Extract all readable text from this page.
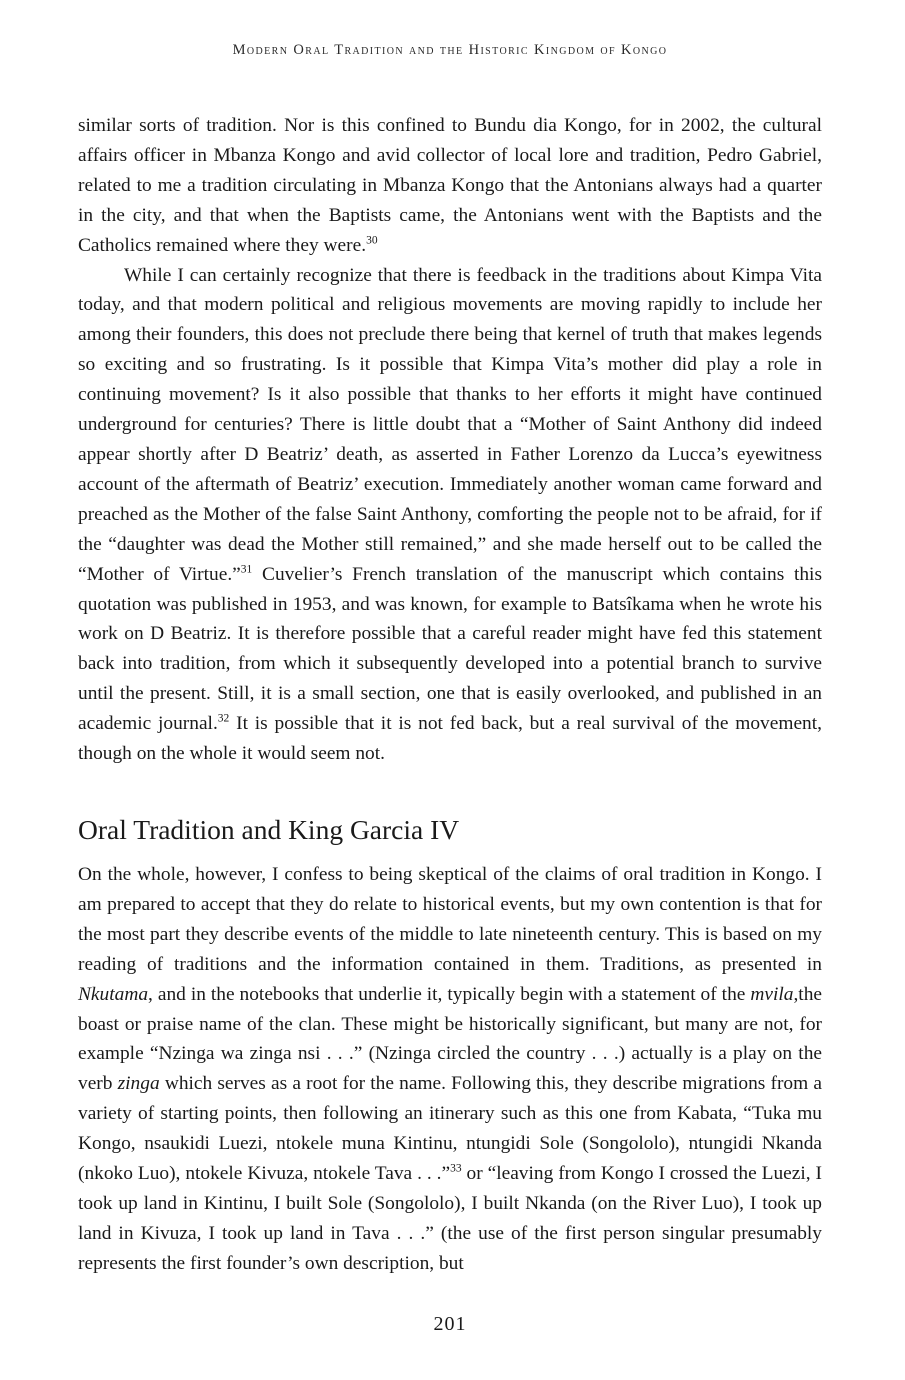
Modern Oral Tradition and the Historic Kingdom of Kongo

similar sorts of tradition. Nor is this confined to Bundu dia Kongo, for in 2002, the cultural affairs officer in Mbanza Kongo and avid collector of local lore and tradition, Pedro Gabriel, related to me a tradition circulating in Mbanza Kongo that the Antonians always had a quarter in the city, and that when the Baptists came, the Antonians went with the Baptists and the Catholics remained where they were.$^{30}$

While I can certainly recognize that there is feedback in the traditions about Kimpa Vita today, and that modern political and religious movements are moving rapidly to include her among their founders, this does not preclude there being that kernel of truth that makes legends so exciting and so frustrating. Is it possible that Kimpa Vita’s mother did play a role in continuing movement? Is it also possible that thanks to her efforts it might have continued underground for centuries? There is little doubt that a “Mother of Saint Anthony did indeed appear shortly after D Beatriz’ death, as asserted in Father Lorenzo da Lucca’s eyewitness account of the aftermath of Beatriz’ execution. Immediately another woman came forward and preached as the Mother of the false Saint Anthony, comforting the people not to be afraid, for if the “daughter was dead the Mother still remained,” and she made herself out to be called the “Mother of Virtue.”$^{31}$ Cuvelier’s French translation of the manuscript which contains this quotation was published in 1953, and was known, for example to Batsîkama when he wrote his work on D Beatriz. It is therefore possible that a careful reader might have fed this statement back into tradition, from which it subsequently developed into a potential branch to survive until the present. Still, it is a small section, one that is easily overlooked, and published in an academic journal.$^{32}$ It is possible that it is not fed back, but a real survival of the movement, though on the whole it would seem not.

Oral Tradition and King Garcia IV

On the whole, however, I confess to being skeptical of the claims of oral tradition in Kongo. I am prepared to accept that they do relate to historical events, but my own contention is that for the most part they describe events of the middle to late nineteenth century. This is based on my reading of traditions and the information contained in them. Traditions, as presented in Nkutama, and in the notebooks that underlie it, typically begin with a statement of the mvila,the boast or praise name of the clan. These might be historically significant, but many are not, for example “Nzinga wa zinga nsi . . .” (Nzinga circled the country . . .) actually is a play on the verb zinga which serves as a root for the name. Following this, they describe migrations from a variety of starting points, then following an itinerary such as this one from Kabata, “Tuka mu Kongo, nsaukidi Luezi, ntokele muna Kintinu, ntungidi Sole (Songololo), ntungidi Nkanda (nkoko Luo), ntokele Kivuza, ntokele Tava . . .”$^{33}$ or “leaving from Kongo I crossed the Luezi, I took up land in Kintinu, I built Sole (Songololo), I built Nkanda (on the River Luo), I took up land in Kivuza, I took up land in Tava . . .” (the use of the first person singular presumably represents the first founder’s own description, but

201
